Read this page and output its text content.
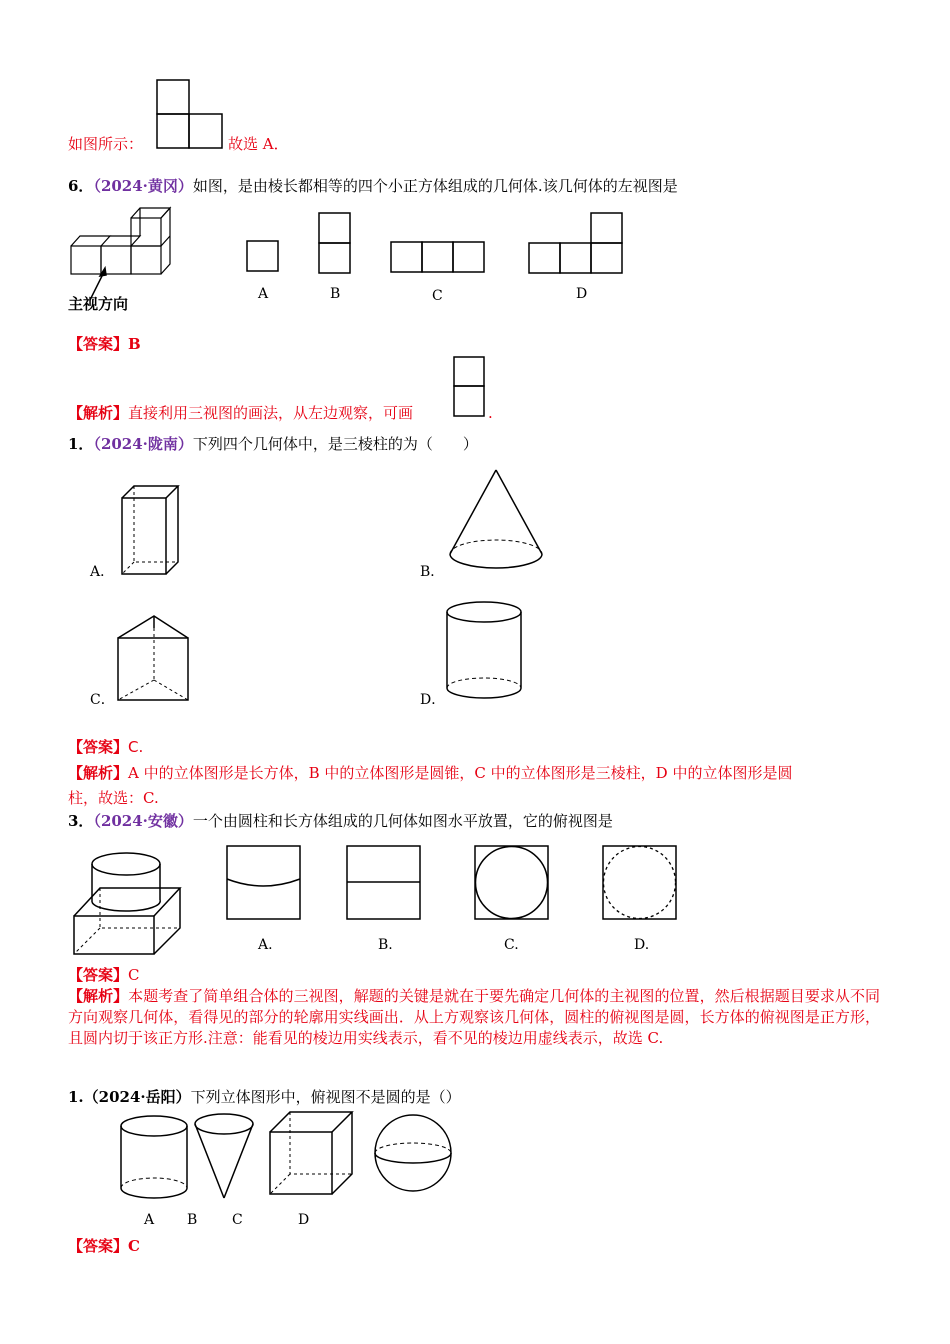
如图所示：	故选 A．
6．（2024·黄冈）如图，是由棱长都相等的四个小正方体组成的几何体.该几何体的左视图是
主视方向
A	B	C	D
【答案】B
【解析】直接利用三视图的画法，从左边观察，可画	.
1．（2024·陇南）下列四个几何体中，是三棱柱的为（　　）
A．	B．
C．	D．
【答案】C.
【解析】A 中的立体图形是长方体，B 中的立体图形是圆锥，C 中的立体图形是三棱柱，D 中的立体图形是圆
柱，故选：C.
3．（2024·安徽）一个由圆柱和长方体组成的几何体如图水平放置，它的俯视图是
A.	B.	C.	D.
【答案】C
【解析】本题考查了简单组合体的三视图，解题的关键是就在于要先确定几何体的主视图的位置，然后根据题目要求从不同方向观察几何体，看得见的部分的轮廓用实线画出．从上方观察该几何体，圆柱的俯视图是圆，长方体的俯视图是正方形，且圆内切于该正方形.注意：能看见的棱边用实线表示，看不见的棱边用虚线表示，故选 C.
1.（2024·岳阳）下列立体图形中，俯视图不是圆的是（）
A B C	D
【答案】C
